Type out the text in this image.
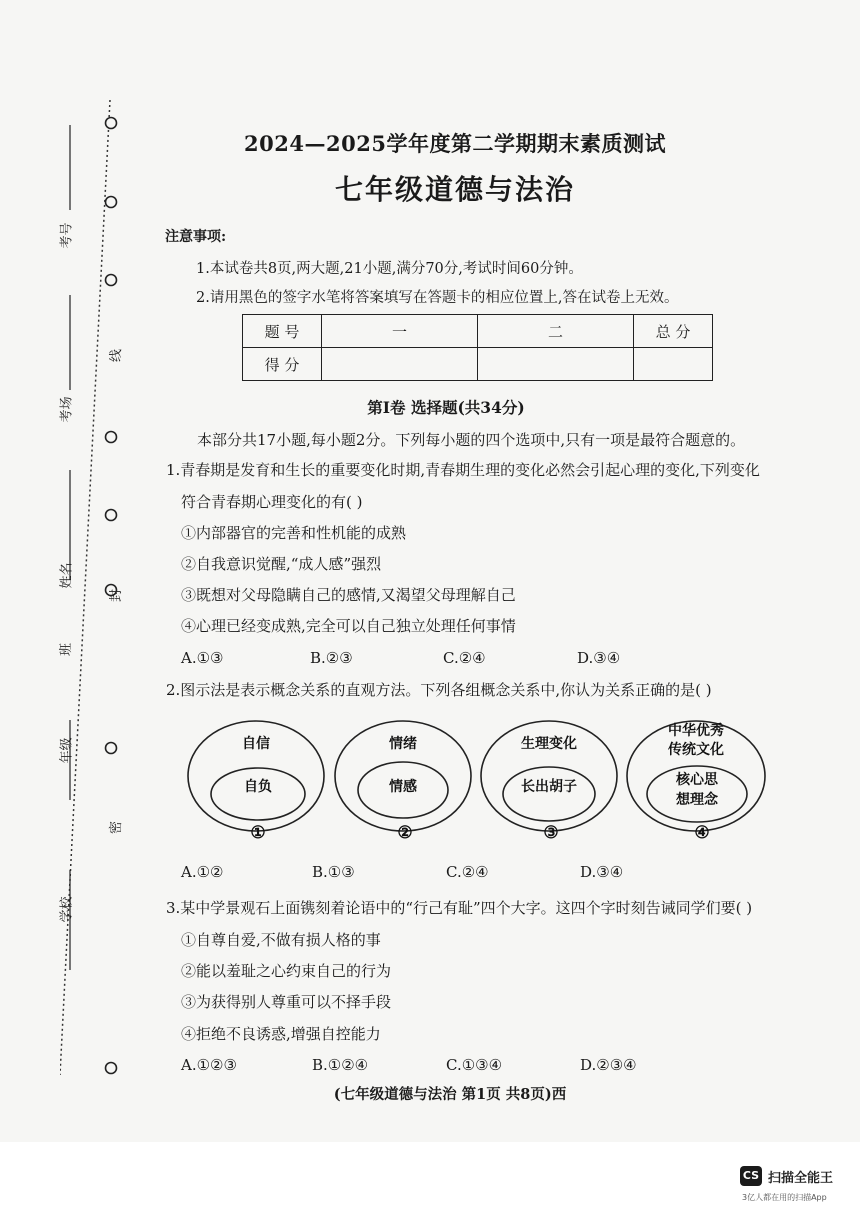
考号
考场
姓名
班
年级
学校
线
封
密
2024—2025学年度第二学期期末素质测试
七年级道德与法治
注意事项:
1.本试卷共8页,两大题,21小题,满分70分,考试时间60分钟。
2.请用黑色的签字水笔将答案填写在答题卡的相应位置上,答在试卷上无效。
题 号	一	二	总 分
得 分			
第Ⅰ卷 选择题(共34分)
本部分共17小题,每小题2分。下列每小题的四个选项中,只有一项是最符合题意的。
1.青春期是发育和生长的重要变化时期,青春期生理的变化必然会引起心理的变化,下列变化
符合青春期心理变化的有( )
①内部器官的完善和性机能的成熟
②自我意识觉醒,“成人感”强烈
③既想对父母隐瞒自己的感情,又渴望父母理解自己
④心理已经变成熟,完全可以自己独立处理任何事情
A.①③	B.②③	C.②④	D.③④
2.图示法是表示概念关系的直观方法。下列各组概念关系中,你认为关系正确的是( )
自信
自负
情绪
情感
生理变化
长出胡子
中华优秀
传统文化
核心思
想理念
①	②	③	④
A.①②	B.①③	C.②④	D.③④
3.某中学景观石上面镌刻着论语中的“行己有耻”四个大字。这四个字时刻告诫同学们要( )
①自尊自爱,不做有损人格的事
②能以羞耻之心约束自己的行为
③为获得别人尊重可以不择手段
④拒绝不良诱惑,增强自控能力
A.①②③	B.①②④	C.①③④	D.②③④
(七年级道德与法治 第1页 共8页)西
CS 扫描全能王
3亿人都在用的扫描App
